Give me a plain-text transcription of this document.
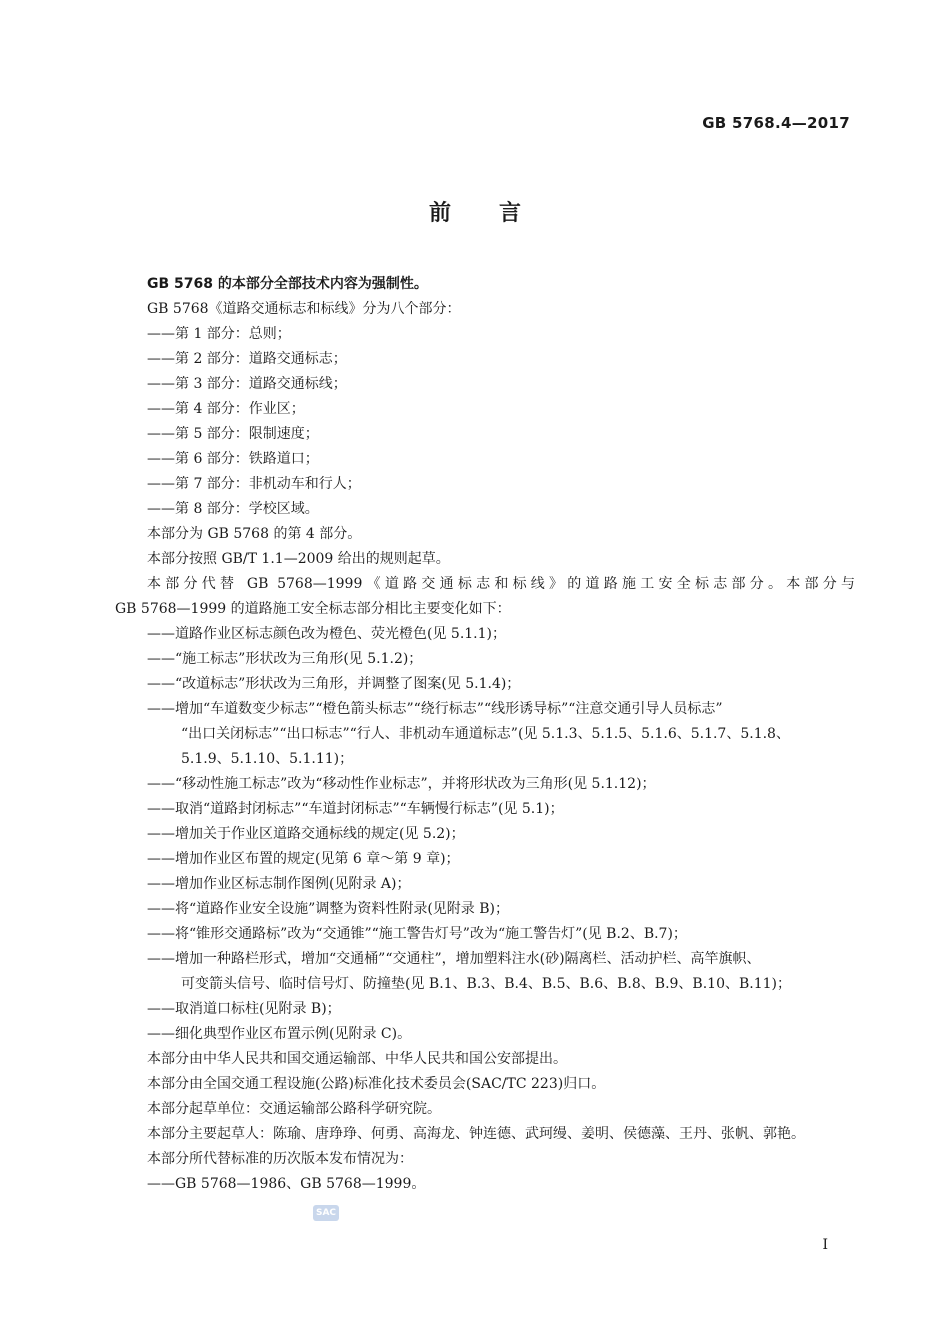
GB 5768.4—2017
前言

GB 5768 的本部分全部技术内容为强制性。

GB 5768《道路交通标志和标线》分为八个部分：

——第 1 部分：总则；

——第 2 部分：道路交通标志；

——第 3 部分：道路交通标线；

——第 4 部分：作业区；

——第 5 部分：限制速度；

——第 6 部分：铁路道口；

——第 7 部分：非机动车和行人；

——第 8 部分：学校区域。

本部分为 GB 5768 的第 4 部分。

本部分按照 GB/T 1.1—2009 给出的规则起草。

本部分代替 GB 5768—1999《道路交通标志和标线》的道路施工安全标志部分。本部分与

GB 5768—1999 的道路施工安全标志部分相比主要变化如下：

——道路作业区标志颜色改为橙色、荧光橙色(见 5.1.1)；

——“施工标志”形状改为三角形(见 5.1.2)；

——“改道标志”形状改为三角形，并调整了图案(见 5.1.4)；

——增加“车道数变少标志”“橙色箭头标志”“绕行标志”“线形诱导标”“注意交通引导人员标志”

“出口关闭标志”“出口标志”“行人、非机动车通道标志”(见 5.1.3、5.1.5、5.1.6、5.1.7、5.1.8、

5.1.9、5.1.10、5.1.11)；

——“移动性施工标志”改为“移动性作业标志”，并将形状改为三角形(见 5.1.12)；

——取消“道路封闭标志”“车道封闭标志”“车辆慢行标志”(见 5.1)；

——增加关于作业区道路交通标线的规定(见 5.2)；

——增加作业区布置的规定(见第 6 章～第 9 章)；

——增加作业区标志制作图例(见附录 A)；

——将“道路作业安全设施”调整为资料性附录(见附录 B)；

——将“锥形交通路标”改为“交通锥”“施工警告灯号”改为“施工警告灯”(见 B.2、B.7)；

——增加一种路栏形式，增加“交通桶”“交通柱”，增加塑料注水(砂)隔离栏、活动护栏、高竿旗帜、

可变箭头信号、临时信号灯、防撞垫(见 B.1、B.3、B.4、B.5、B.6、B.8、B.9、B.10、B.11)；

——取消道口标柱(见附录 B)；

——细化典型作业区布置示例(见附录 C)。

本部分由中华人民共和国交通运输部、中华人民共和国公安部提出。

本部分由全国交通工程设施(公路)标准化技术委员会(SAC/TC 223)归口。

本部分起草单位：交通运输部公路科学研究院。

本部分主要起草人：陈瑜、唐琤琤、何勇、高海龙、钟连德、武珂缦、姜明、侯德藻、王丹、张帆、郭艳。

本部分所代替标准的历次版本发布情况为：

——GB 5768—1986、GB 5768—1999。

SAC
I
